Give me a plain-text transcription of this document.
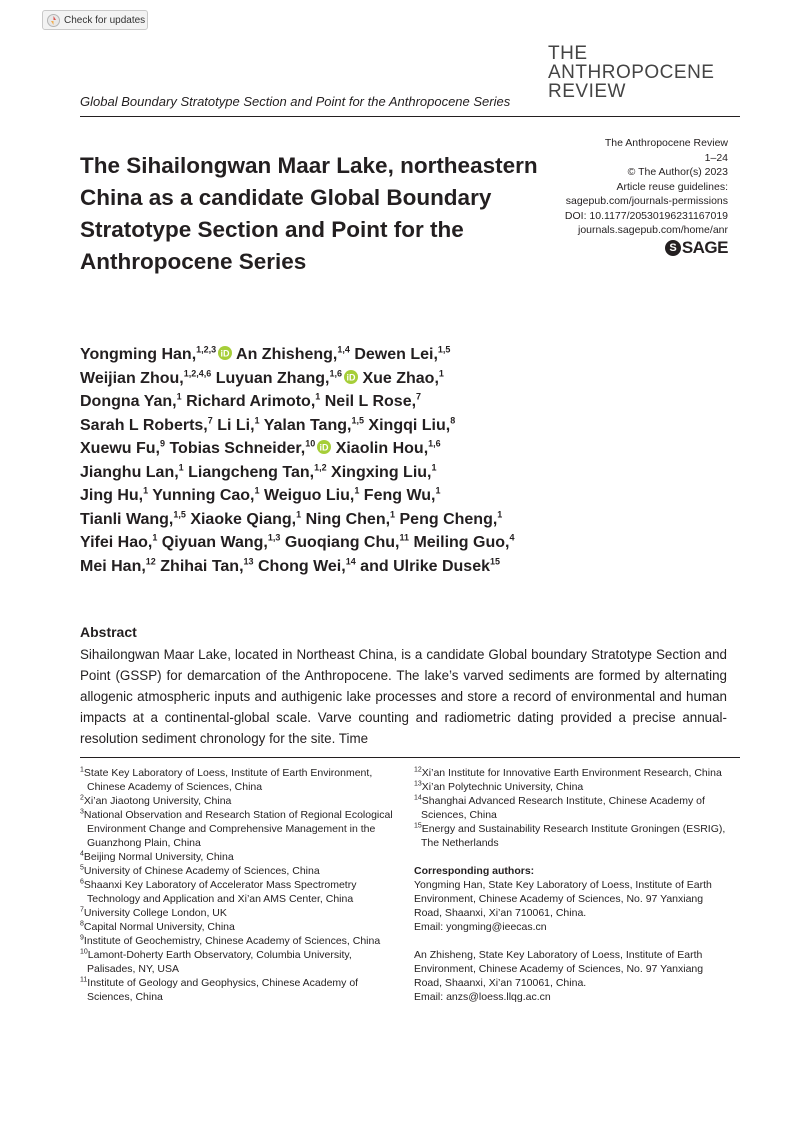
Check for updates
THE
ANTHROPOCENE
REVIEW
Global Boundary Stratotype Section and Point for the Anthropocene Series
The Anthropocene Review
1–24
© The Author(s) 2023
Article reuse guidelines:
sagepub.com/journals-permissions
DOI: 10.1177/20530196231167019
journals.sagepub.com/home/anr
S SAGE
The Sihailongwan Maar Lake, northeastern China as a candidate Global Boundary Stratotype Section and Point for the Anthropocene Series
Yongming Han,$^{1,2,3}$ iD An Zhisheng,$^{1,4}$ Dewen Lei,$^{1,5}$
Weijian Zhou,$^{1,2,4,6}$ Luyuan Zhang,$^{1,6}$ iD Xue Zhao,$^1$
Dongna Yan,$^1$ Richard Arimoto,$^1$ Neil L Rose,$^7$
Sarah L Roberts,$^7$ Li Li,$^1$ Yalan Tang,$^{1,5}$ Xingqi Liu,$^8$
Xuewu Fu,$^9$ Tobias Schneider,$^{10}$ iD Xiaolin Hou,$^{1,6}$
Jianghu Lan,$^1$ Liangcheng Tan,$^{1,2}$ Xingxing Liu,$^1$
Jing Hu,$^1$ Yunning Cao,$^1$ Weiguo Liu,$^1$ Feng Wu,$^1$
Tianli Wang,$^{1,5}$ Xiaoke Qiang,$^1$ Ning Chen,$^1$ Peng Cheng,$^1$
Yifei Hao,$^1$ Qiyuan Wang,$^{1,3}$ Guoqiang Chu,$^{11}$ Meiling Guo,$^4$
Mei Han,$^{12}$ Zhihai Tan,$^{13}$ Chong Wei,$^{14}$ and Ulrike Dusek$^{15}$
Abstract

Sihailongwan Maar Lake, located in Northeast China, is a candidate Global boundary Stratotype Section and Point (GSSP) for demarcation of the Anthropocene. The lake’s varved sediments are formed by alternating allogenic atmospheric inputs and authigenic lake processes and store a record of environmental and human impacts at a continental-global scale. Varve counting and radiometric dating provided a precise annual-resolution sediment chronology for the site. Time

$^1$State Key Laboratory of Loess, Institute of Earth Environment, Chinese Academy of Sciences, China
$^2$Xi’an Jiaotong University, China
$^3$National Observation and Research Station of Regional Ecological Environment Change and Comprehensive Management in the Guanzhong Plain, China
$^4$Beijing Normal University, China
$^5$University of Chinese Academy of Sciences, China
$^6$Shaanxi Key Laboratory of Accelerator Mass Spectrometry Technology and Application and Xi’an AMS Center, China
$^7$University College London, UK
$^8$Capital Normal University, China
$^9$Institute of Geochemistry, Chinese Academy of Sciences, China
$^{10}$Lamont-Doherty Earth Observatory, Columbia University, Palisades, NY, USA
$^{11}$Institute of Geology and Geophysics, Chinese Academy of Sciences, China
$^{12}$Xi’an Institute for Innovative Earth Environment Research, China
$^{13}$Xi’an Polytechnic University, China
$^{14}$Shanghai Advanced Research Institute, Chinese Academy of Sciences, China
$^{15}$Energy and Sustainability Research Institute Groningen (ESRIG), The Netherlands
Corresponding authors:
Yongming Han, State Key Laboratory of Loess, Institute of Earth Environment, Chinese Academy of Sciences, No. 97 Yanxiang Road, Shaanxi, Xi’an 710061, China.
Email: yongming@ieecas.cn
An Zhisheng, State Key Laboratory of Loess, Institute of Earth Environment, Chinese Academy of Sciences, No. 97 Yanxiang Road, Shaanxi, Xi’an 710061, China.
Email: anzs@loess.llqg.ac.cn
